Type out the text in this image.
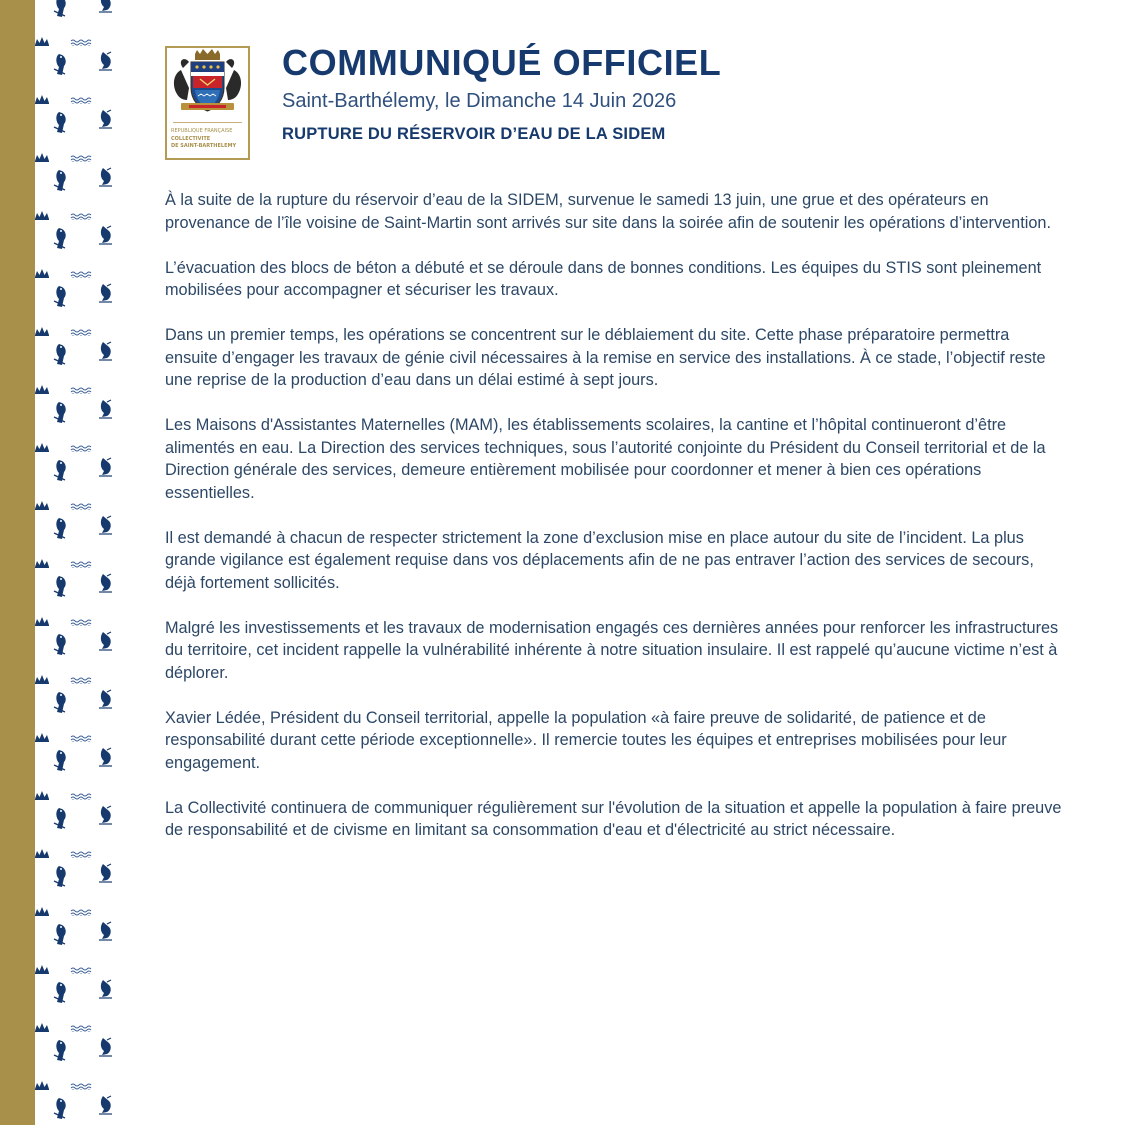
RÉPUBLIQUE FRANÇAISE
COLLECTIVITÉ
DE SAINT-BARTHÉLEMY
COMMUNIQUÉ OFFICIEL

Saint-Barthélemy, le Dimanche 14 Juin 2026

RUPTURE DU RÉSERVOIR D’EAU DE LA SIDEM

À la suite de la rupture du réservoir d’eau de la SIDEM, survenue le samedi 13 juin, une grue et des opérateurs en provenance de l’île voisine de Saint-Martin sont arrivés sur site dans la soirée afin de soutenir les opérations d’intervention.

L’évacuation des blocs de béton a débuté et se déroule dans de bonnes conditions. Les équipes du STIS sont pleinement mobilisées pour accompagner et sécuriser les travaux.

Dans un premier temps, les opérations se concentrent sur le déblaiement du site. Cette phase préparatoire permettra ensuite d’engager les travaux de génie civil nécessaires à la remise en service des installations. À ce stade, l’objectif reste une reprise de la production d’eau dans un délai estimé à sept jours.

Les Maisons d'Assistantes Maternelles (MAM), les établissements scolaires, la cantine et l’hôpital continueront d’être alimentés en eau. La Direction des services techniques, sous l’autorité conjointe du Président du Conseil territorial et de la Direction générale des services, demeure entièrement mobilisée pour coordonner et mener à bien ces opérations essentielles.

Il est demandé à chacun de respecter strictement la zone d’exclusion mise en place autour du site de l’incident. La plus grande vigilance est également requise dans vos déplacements afin de ne pas entraver l’action des services de secours, déjà fortement sollicités.

Malgré les investissements et les travaux de modernisation engagés ces dernières années pour renforcer les infrastructures du territoire, cet incident rappelle la vulnérabilité inhérente à notre situation insulaire. Il est rappelé qu’aucune victime n’est à déplorer.

Xavier Lédée, Président du Conseil territorial, appelle la population «à faire preuve de solidarité, de patience et de responsabilité durant cette période exceptionnelle». Il remercie toutes les équipes et entreprises mobilisées pour leur engagement.

La Collectivité continuera de communiquer régulièrement sur l'évolution de la situation et appelle la population à faire preuve de responsabilité et de civisme en limitant sa consommation d'eau et d'électricité au strict nécessaire.
